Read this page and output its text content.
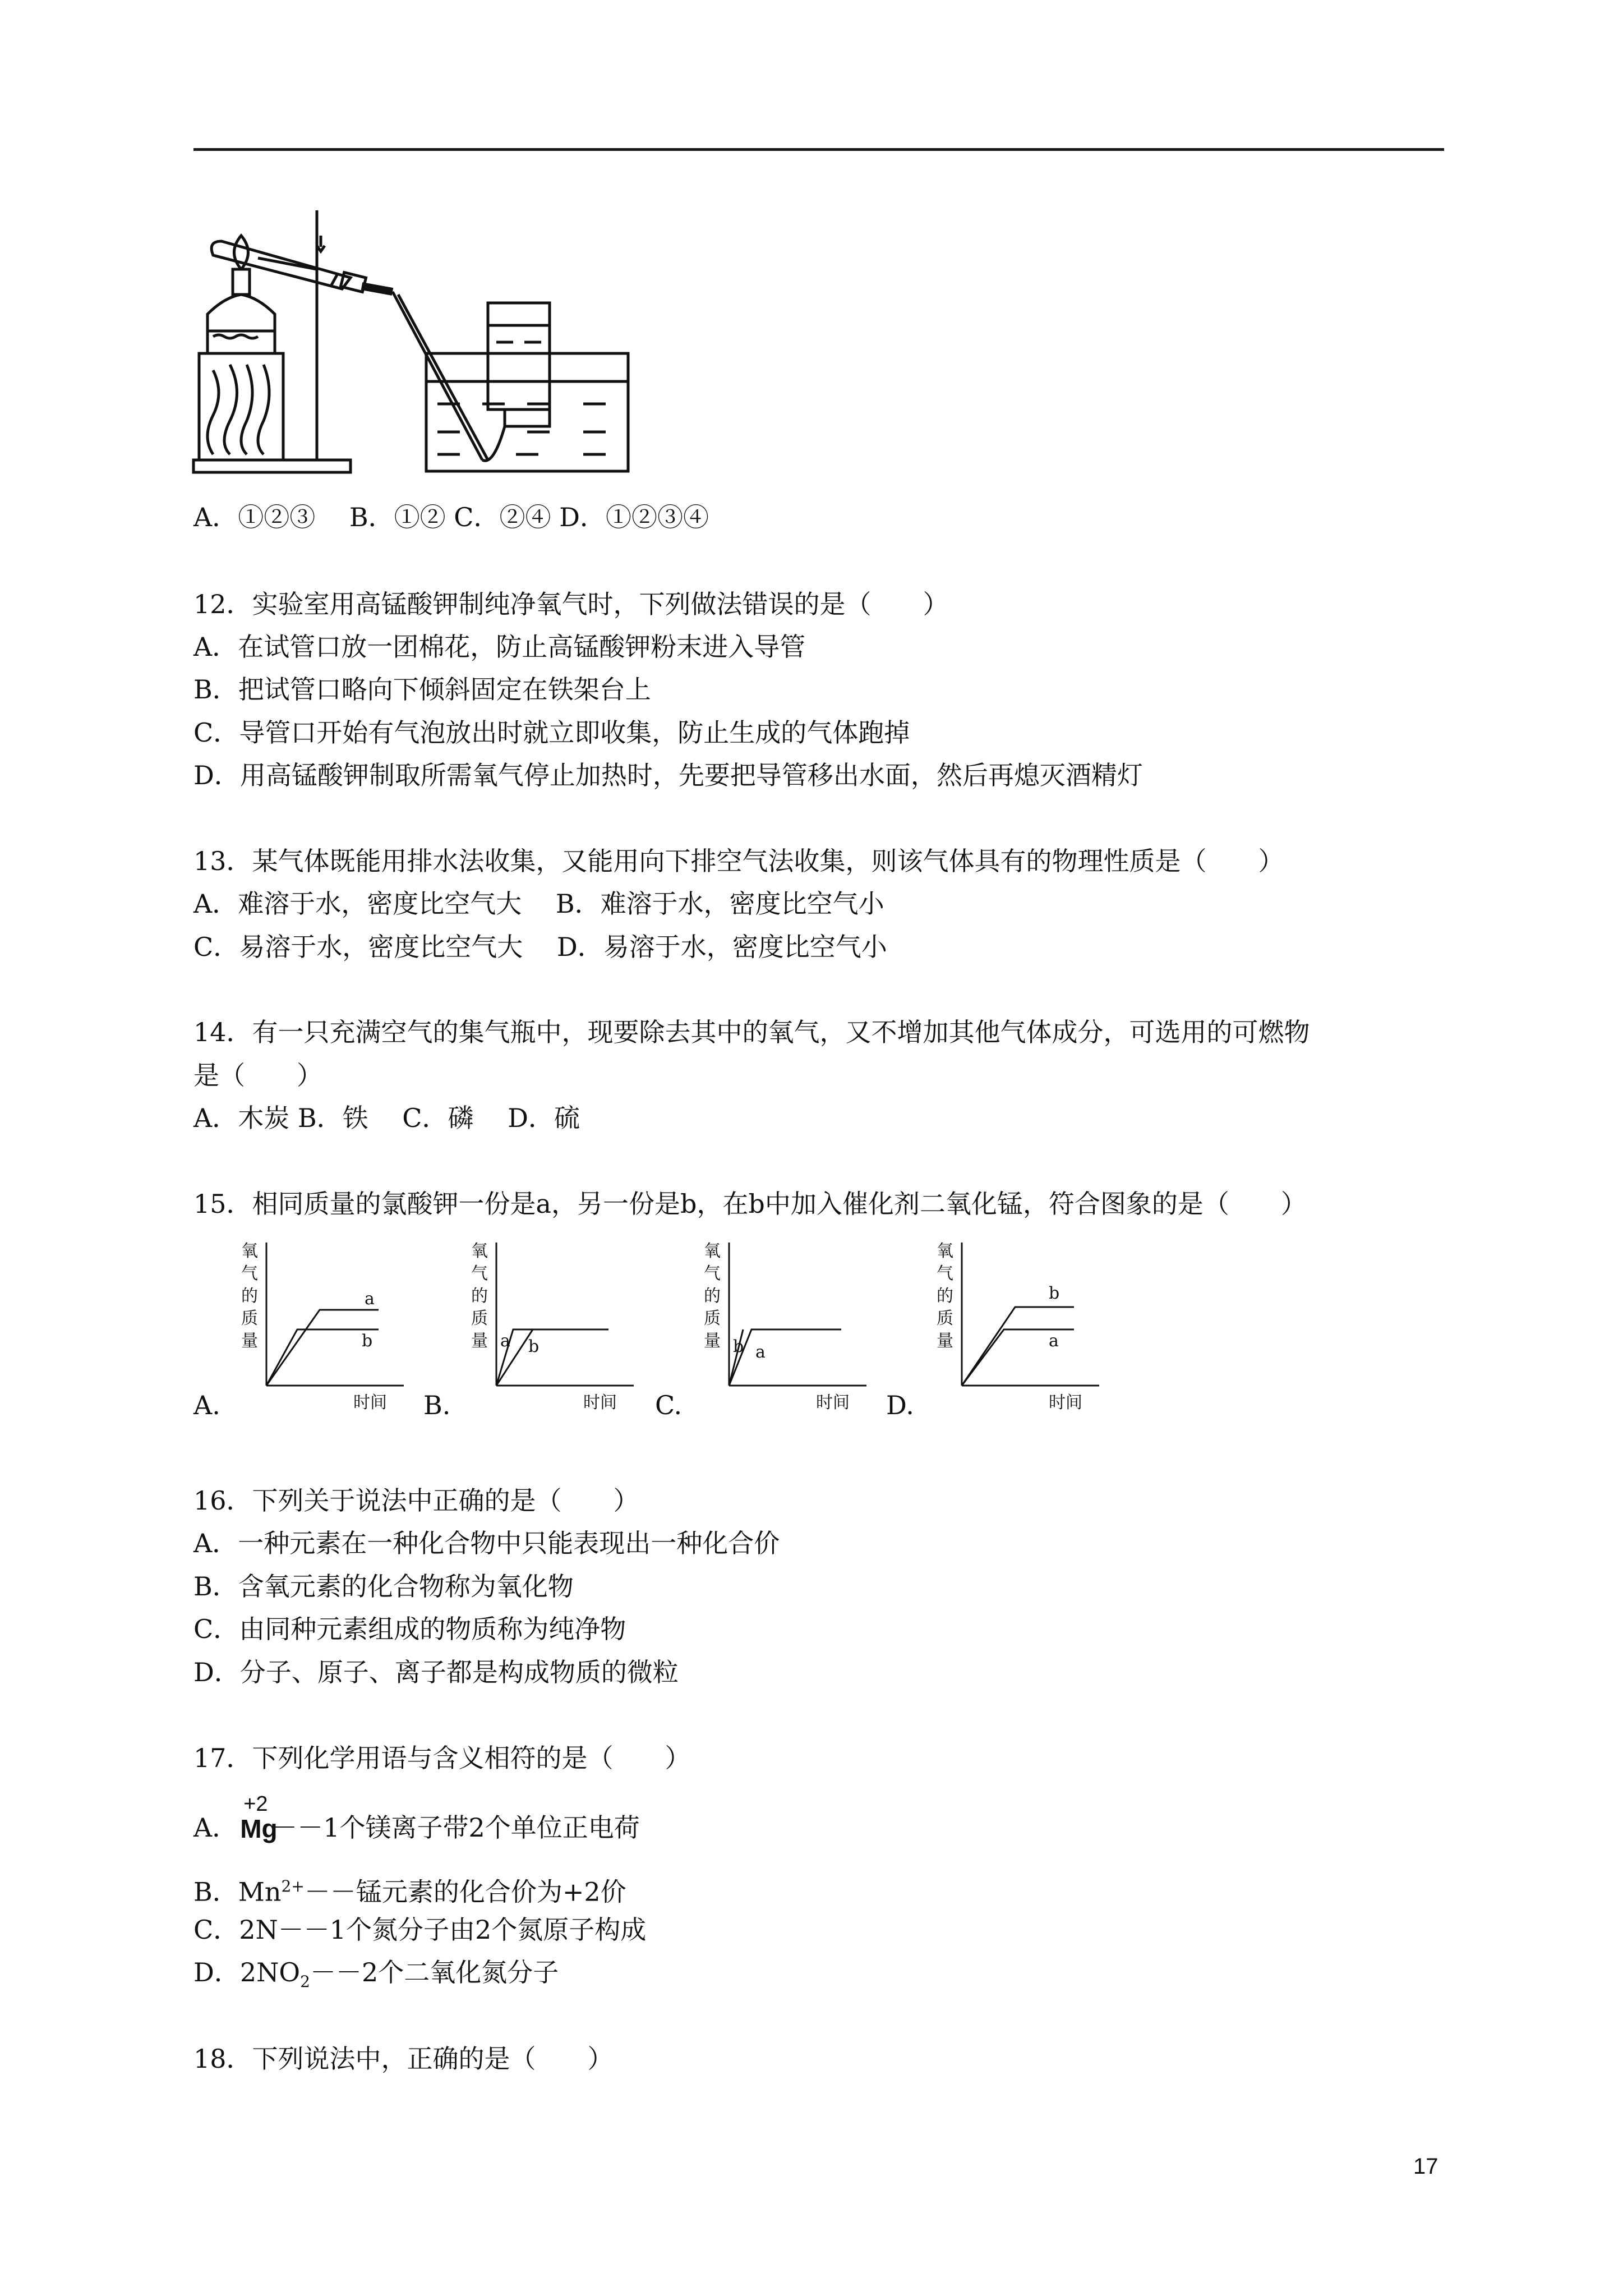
A．①②③　 B．①② C．②④ D．①②③④
12．实验室用高锰酸钾制纯净氧气时，下列做法错误的是（　　）
A．在试管口放一团棉花，防止高锰酸钾粉末进入导管
B．把试管口略向下倾斜固定在铁架台上
C．导管口开始有气泡放出时就立即收集，防止生成的气体跑掉
D．用高锰酸钾制取所需氧气停止加热时，先要把导管移出水面，然后再熄灭酒精灯
13．某气体既能用排水法收集，又能用向下排空气法收集，则该气体具有的物理性质是（　　）
A．难溶于水，密度比空气大　 B．难溶于水，密度比空气小
C．易溶于水，密度比空气大　 D．易溶于水，密度比空气小
14．有一只充满空气的集气瓶中，现要除去其中的氧气，又不增加其他气体成分，可选用的可燃物
是（　　）
A．木炭 B．铁　 C．磷　 D．硫
15．相同质量的氯酸钾一份是a，另一份是b，在b中加入催化剂二氧化锰，符合图象的是（　　）
A.	B.	C.	D.
氧
气
的
质
量
时间
a
b
氧
气
的
质
量
时间
a b
氧
气
的
质
量
时间
b a
氧
气
的
质
量
时间
b
a
16．下列关于说法中正确的是（　　）
A．一种元素在一种化合物中只能表现出一种化合价
B．含氧元素的化合物称为氧化物
C．由同种元素组成的物质称为纯净物
D．分子、原子、离子都是构成物质的微粒
17．下列化学用语与含义相符的是（　　）
A．
+2
Mg
－－1个镁离子带2个单位正电荷
B．$Mn^{2+}--$锰元素的化合价为+2价
C．2N－－1个氮分子由2个氮原子构成
D．$2NO_2--2$个二氧化氮分子
18．下列说法中，正确的是（　　）
17
